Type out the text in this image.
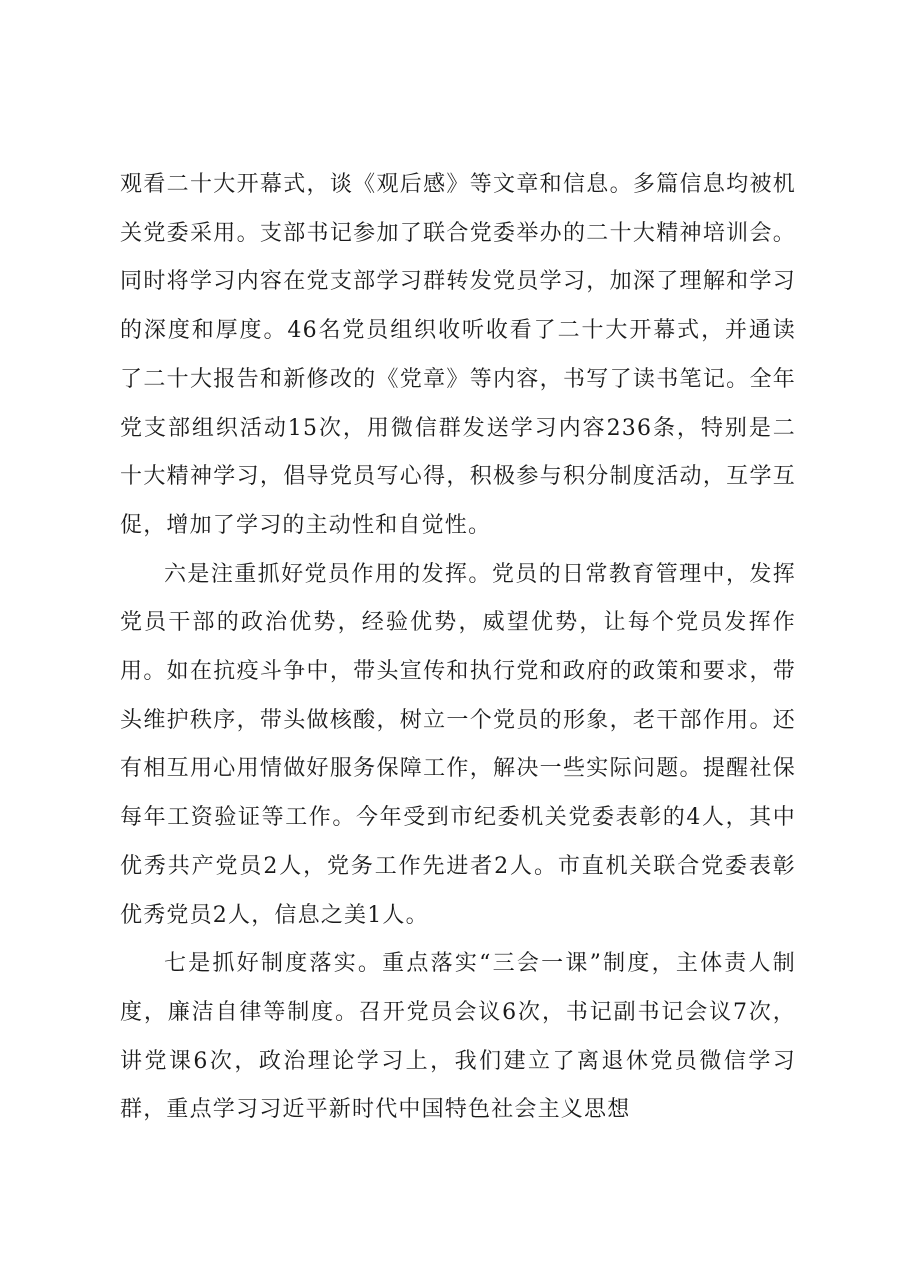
观看二十大开幕式，谈《观后感》等文章和信息。多篇信息均被机关党委采用。支部书记参加了联合党委举办的二十大精神培训会。同时将学习内容在党支部学习群转发党员学习，加深了理解和学习的深度和厚度。46名党员组织收听收看了二十大开幕式，并通读了二十大报告和新修改的《党章》等内容，书写了读书笔记。全年党支部组织活动15次，用微信群发送学习内容236条，特别是二十大精神学习，倡导党员写心得，积极参与积分制度活动，互学互促，增加了学习的主动性和自觉性。

六是注重抓好党员作用的发挥。党员的日常教育管理中，发挥党员干部的政治优势，经验优势，威望优势，让每个党员发挥作用。如在抗疫斗争中，带头宣传和执行党和政府的政策和要求，带头维护秩序，带头做核酸，树立一个党员的形象，老干部作用。还有相互用心用情做好服务保障工作，解决一些实际问题。提醒社保每年工资验证等工作。今年受到市纪委机关党委表彰的4人，其中优秀共产党员2人，党务工作先进者2人。市直机关联合党委表彰优秀党员2人，信息之美1人。

七是抓好制度落实。重点落实“三会一课”制度，主体责人制度，廉洁自律等制度。召开党员会议6次，书记副书记会议7次，讲党课6次，政治理论学习上，我们建立了离退休党员微信学习群，重点学习习近平新时代中国特色社会主义思想
